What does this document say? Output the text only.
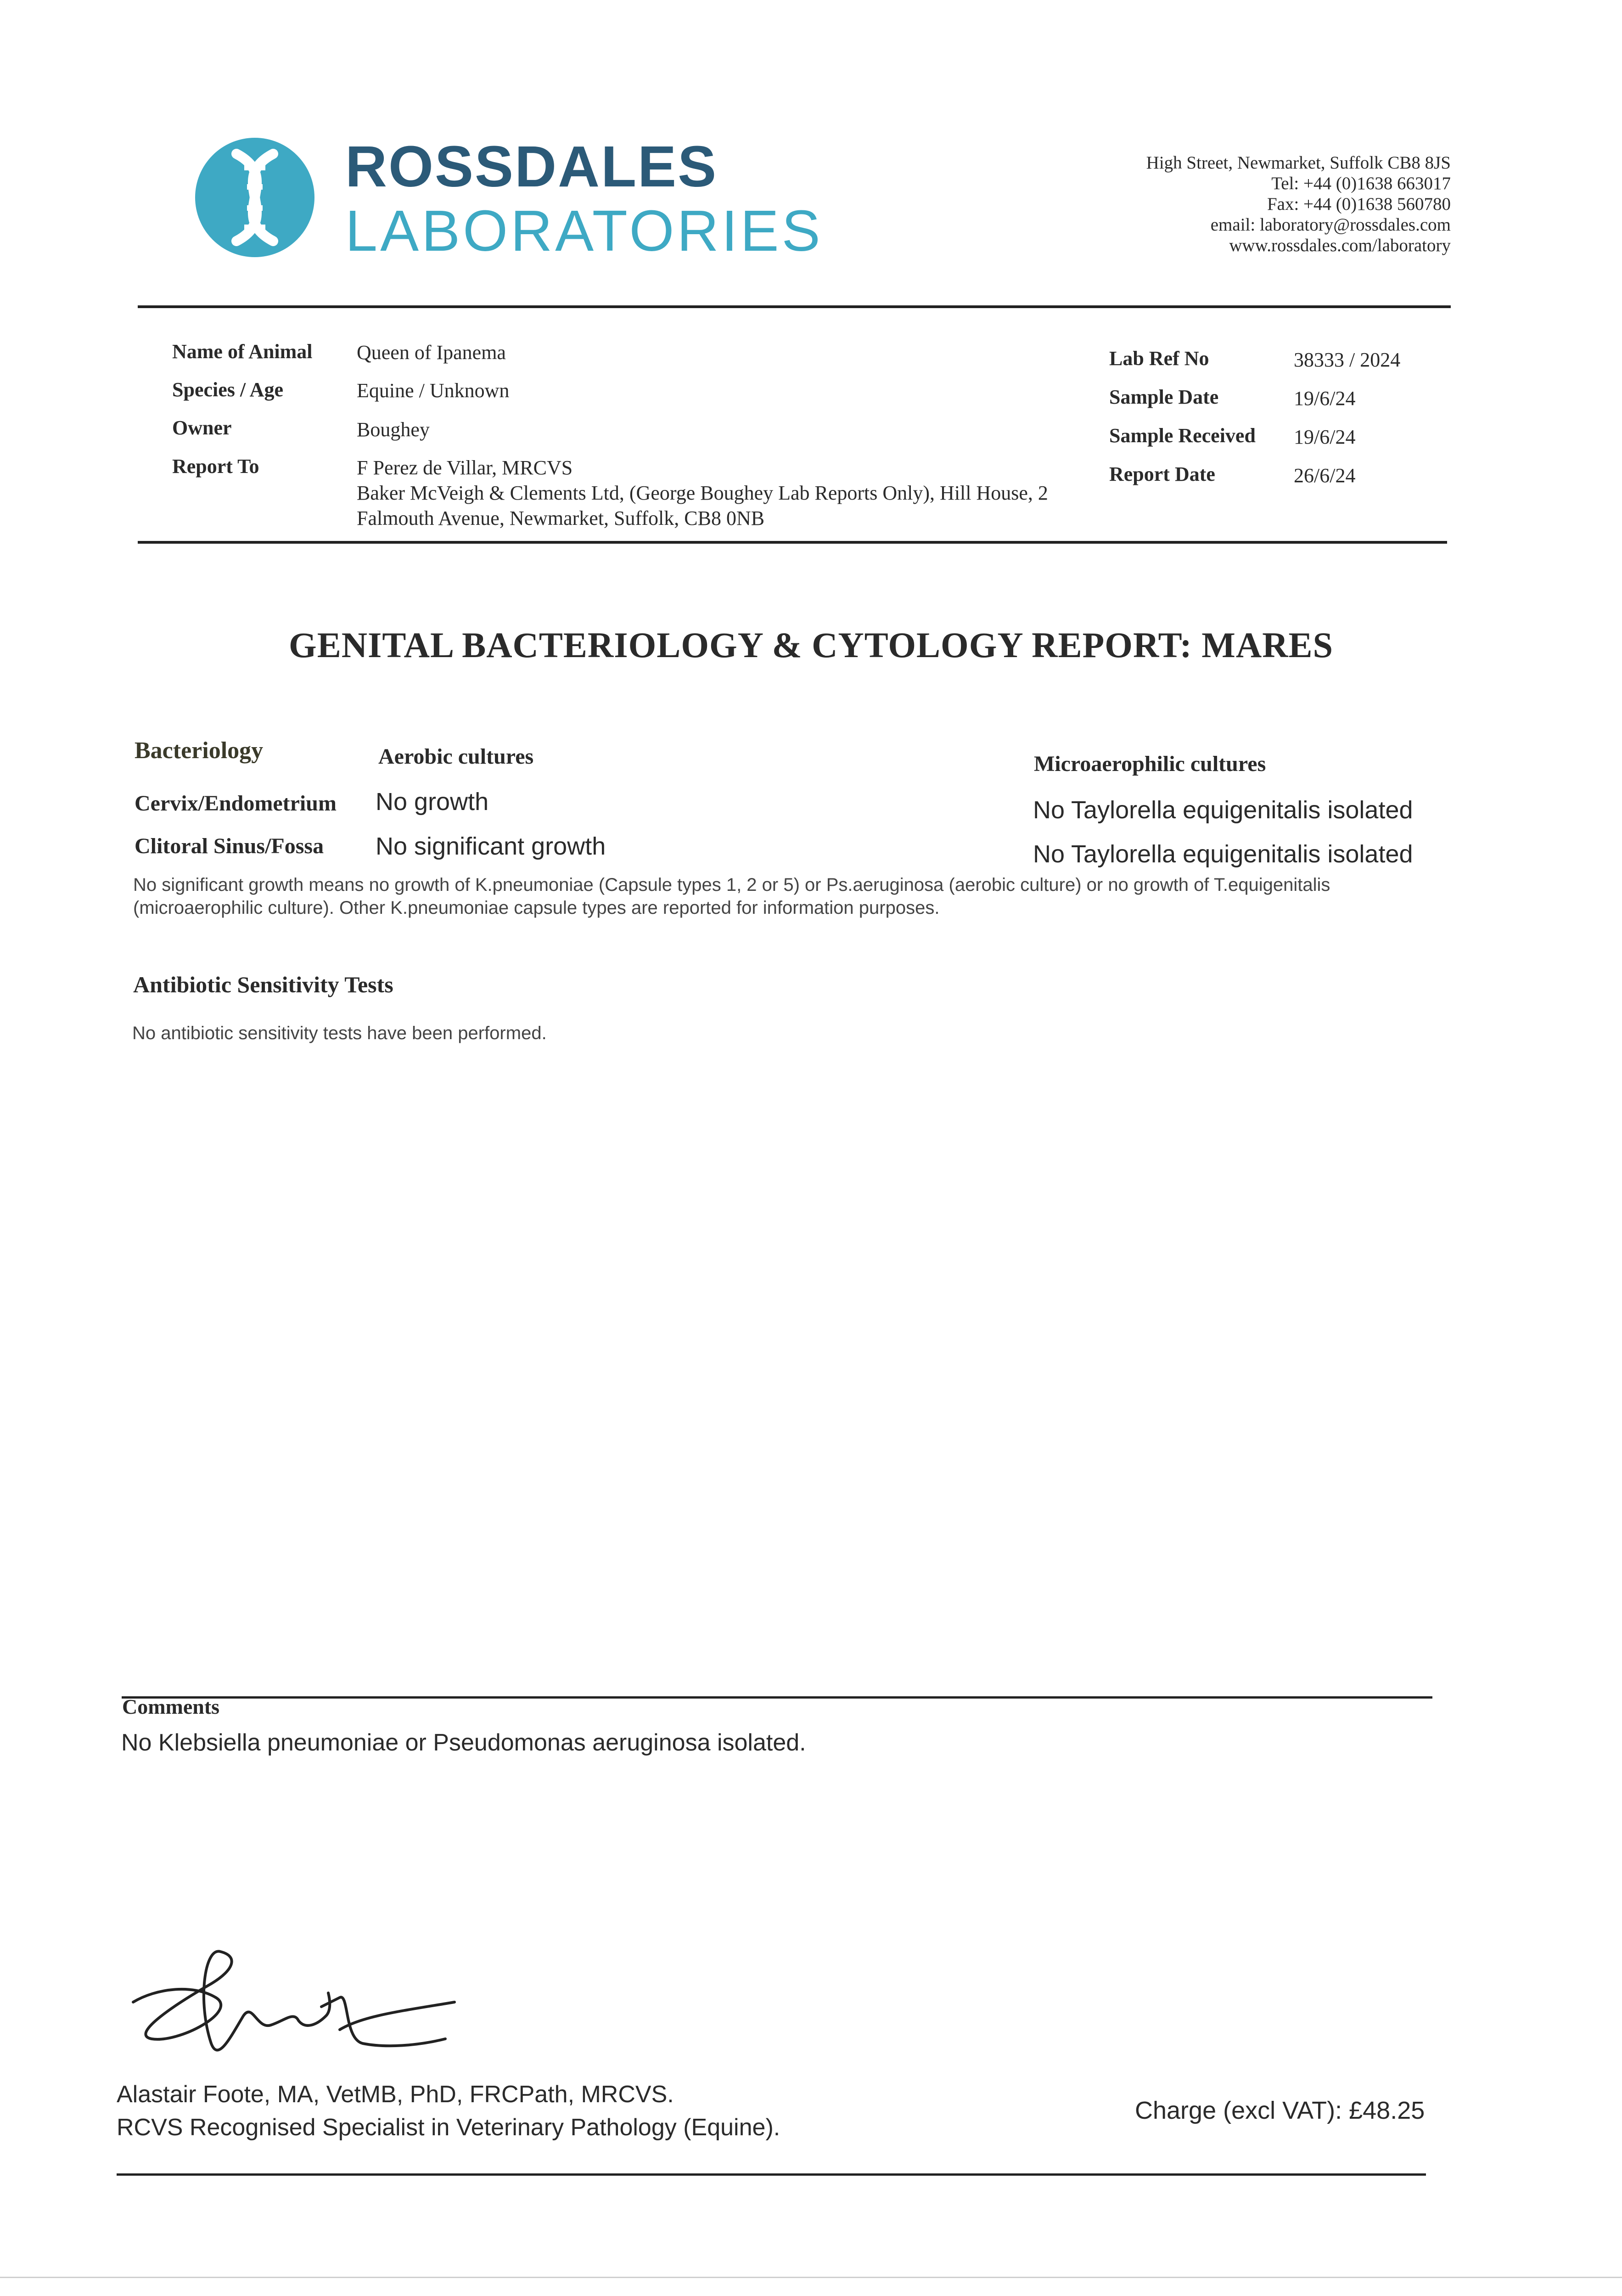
ROSSDALES
LABORATORIES
High Street, Newmarket, Suffolk CB8 8JS
Tel: +44 (0)1638 663017
Fax: +44 (0)1638 560780
email: laboratory@rossdales.com
www.rossdales.com/laboratory
Name of Animal Queen of Ipanema
Species / Age	Equine / Unknown
Owner	Boughey
Report To	F Perez de Villar, MRCVS
Baker McVeigh & Clements Ltd, (George Boughey Lab Reports Only), Hill House, 2
Falmouth Avenue, Newmarket, Suffolk, CB8 0NB
Lab Ref No	38333 / 2024
Sample Date	19/6/24
Sample Received 19/6/24
Report Date	26/6/24
GENITAL BACTERIOLOGY & CYTOLOGY REPORT: MARES
Bacteriology	Aerobic cultures	Microaerophilic cultures
Cervix/Endometrium No growth	No Taylorella equigenitalis isolated
Clitoral Sinus/Fossa No significant growth	No Taylorella equigenitalis isolated
No significant growth means no growth of K.pneumoniae (Capsule types 1, 2 or 5) or Ps.aeruginosa (aerobic culture) or no growth of T.equigenitalis
(microaerophilic culture). Other K.pneumoniae capsule types are reported for information purposes.
Antibiotic Sensitivity Tests
No antibiotic sensitivity tests have been performed.
Comments
No Klebsiella pneumoniae or Pseudomonas aeruginosa isolated.
Alastair Foote, MA, VetMB, PhD, FRCPath, MRCVS.
RCVS Recognised Specialist in Veterinary Pathology (Equine).
Charge (excl VAT): £48.25
